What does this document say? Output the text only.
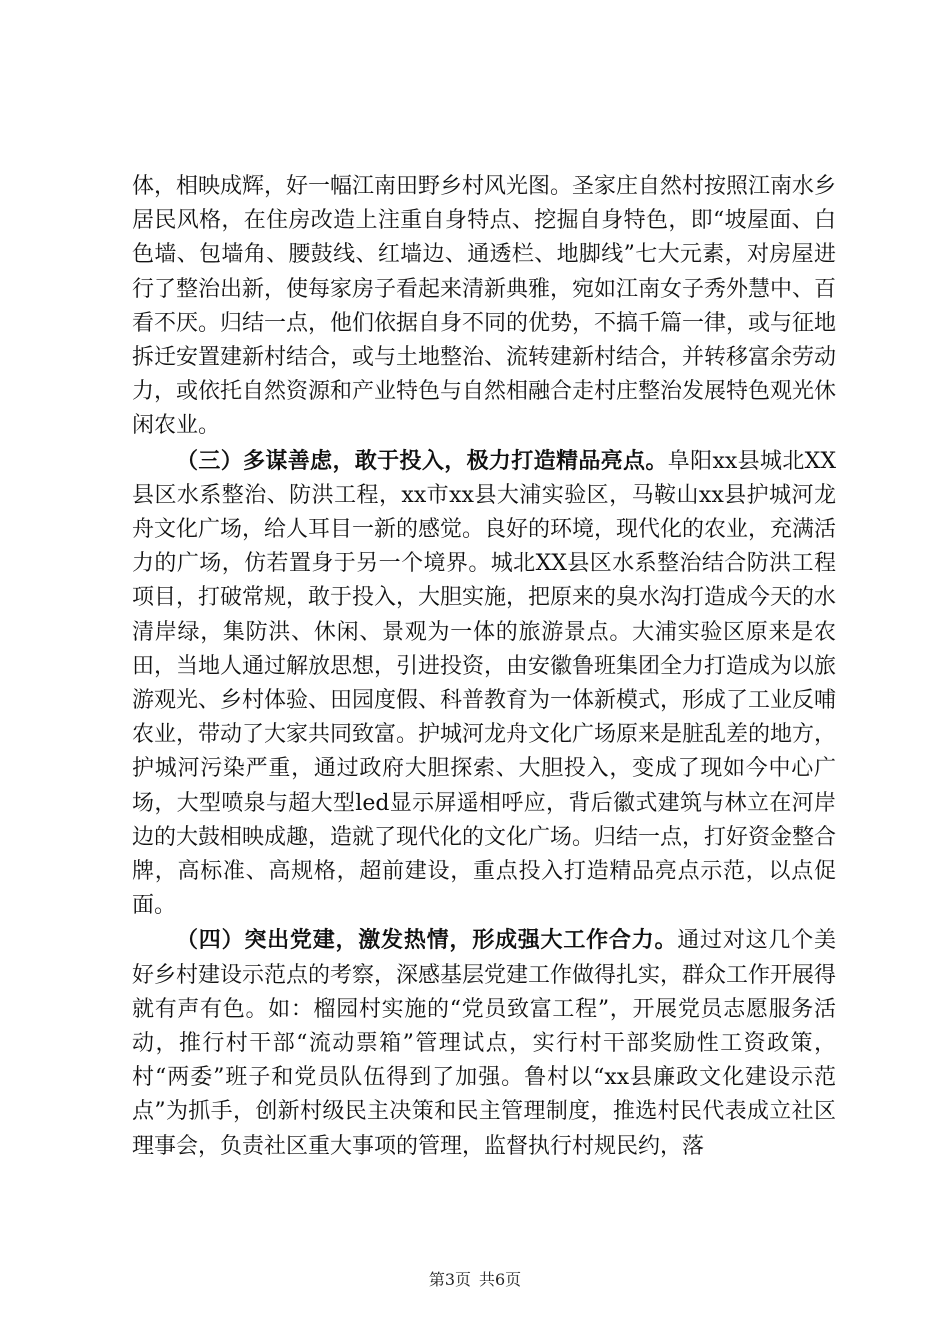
体，相映成辉，好一幅江南田野乡村风光图。圣家庄自然村按照江南水乡居民风格，在住房改造上注重自身特点、挖掘自身特色，即“坡屋面、白色墙、包墙角、腰鼓线、红墙边、通透栏、地脚线”七大元素，对房屋进行了整治出新，使每家房子看起来清新典雅，宛如江南女子秀外慧中、百看不厌。归结一点，他们依据自身不同的优势，不搞千篇一律，或与征地拆迁安置建新村结合，或与土地整治、流转建新村结合，并转移富余劳动力，或依托自然资源和产业特色与自然相融合走村庄整治发展特色观光休闲农业。

（三）多谋善虑，敢于投入，极力打造精品亮点。阜阳xx县城北XX县区水系整治、防洪工程，xx市xx县大浦实验区，马鞍山xx县护城河龙舟文化广场，给人耳目一新的感觉。良好的环境，现代化的农业，充满活力的广场，仿若置身于另一个境界。城北XX县区水系整治结合防洪工程项目，打破常规，敢于投入，大胆实施，把原来的臭水沟打造成今天的水清岸绿，集防洪、休闲、景观为一体的旅游景点。大浦实验区原来是农田，当地人通过解放思想，引进投资，由安徽鲁班集团全力打造成为以旅游观光、乡村体验、田园度假、科普教育为一体新模式，形成了工业反哺农业，带动了大家共同致富。护城河龙舟文化广场原来是脏乱差的地方，护城河污染严重，通过政府大胆探索、大胆投入，变成了现如今中心广场，大型喷泉与超大型led显示屏遥相呼应，背后徽式建筑与林立在河岸边的大鼓相映成趣，造就了现代化的文化广场。归结一点，打好资金整合牌，高标准、高规格，超前建设，重点投入打造精品亮点示范，以点促面。

（四）突出党建，激发热情，形成强大工作合力。通过对这几个美好乡村建设示范点的考察，深感基层党建工作做得扎实，群众工作开展得就有声有色。如：榴园村实施的“党员致富工程”，开展党员志愿服务活动，推行村干部“流动票箱”管理试点，实行村干部奖励性工资政策，村“两委”班子和党员队伍得到了加强。鲁村以“xx县廉政文化建设示范点”为抓手，创新村级民主决策和民主管理制度，推选村民代表成立社区理事会，负责社区重大事项的管理，监督执行村规民约，落

第3页 共6页
